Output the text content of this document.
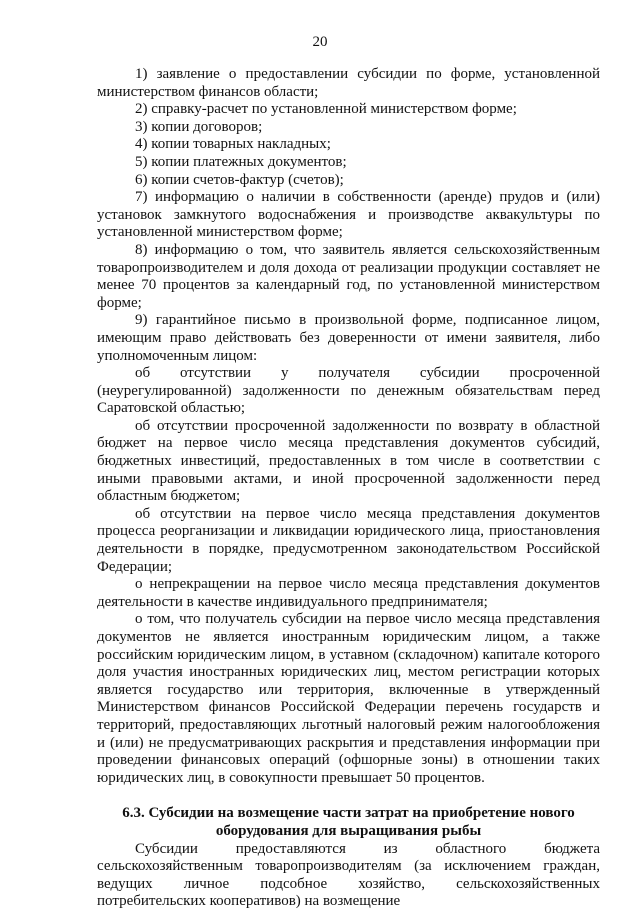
20

1) заявление о предоставлении субсидии по форме, установленной министерством финансов области;

2) справку-расчет по установленной министерством форме;

3) копии договоров;

4) копии товарных накладных;

5) копии платежных документов;

6) копии счетов-фактур (счетов);

7) информацию о наличии в собственности (аренде) прудов и (или) установок замкнутого водоснабжения и производстве аквакультуры по установленной министерством форме;

8) информацию о том, что заявитель является сельскохозяйственным товаропроизводителем и доля дохода от реализации продукции составляет не менее 70 процентов за календарный год, по установленной министерством форме;

9) гарантийное письмо в произвольной форме, подписанное лицом, имеющим право действовать без доверенности от имени заявителя, либо уполномоченным лицом:

об отсутствии у получателя субсидии просроченной (неурегулированной) задолженности по денежным обязательствам перед Саратовской областью;

об отсутствии просроченной задолженности по возврату в областной бюджет на первое число месяца представления документов субсидий, бюджетных инвестиций, предоставленных в том числе в соответствии с иными правовыми актами, и иной просроченной задолженности перед областным бюджетом;

об отсутствии на первое число месяца представления документов процесса реорганизации и ликвидации юридического лица, приостановления деятельности в порядке, предусмотренном законодательством Российской Федерации;

о непрекращении на первое число месяца представления документов деятельности в качестве индивидуального предпринимателя;

о том, что получатель субсидии на первое число месяца представления документов не является иностранным юридическим лицом, а также российским юридическим лицом, в уставном (складочном) капитале которого доля участия иностранных юридических лиц, местом регистрации которых является государство или территория, включенные в утвержденный Министерством финансов Российской Федерации перечень государств и территорий, предоставляющих льготный налоговый режим налогообложения и (или) не предусматривающих раскрытия и представления информации при проведении финансовых операций (офшорные зоны) в отношении таких юридических лиц, в совокупности превышает 50 процентов.

6.3. Субсидии на возмещение части затрат на приобретение нового
оборудования для выращивания рыбы

Субсидии предоставляются из областного бюджета сельскохозяйственным товаропроизводителям (за исключением граждан, ведущих личное подсобное хозяйство, сельскохозяйственных потребительских кооперативов) на возмещение
